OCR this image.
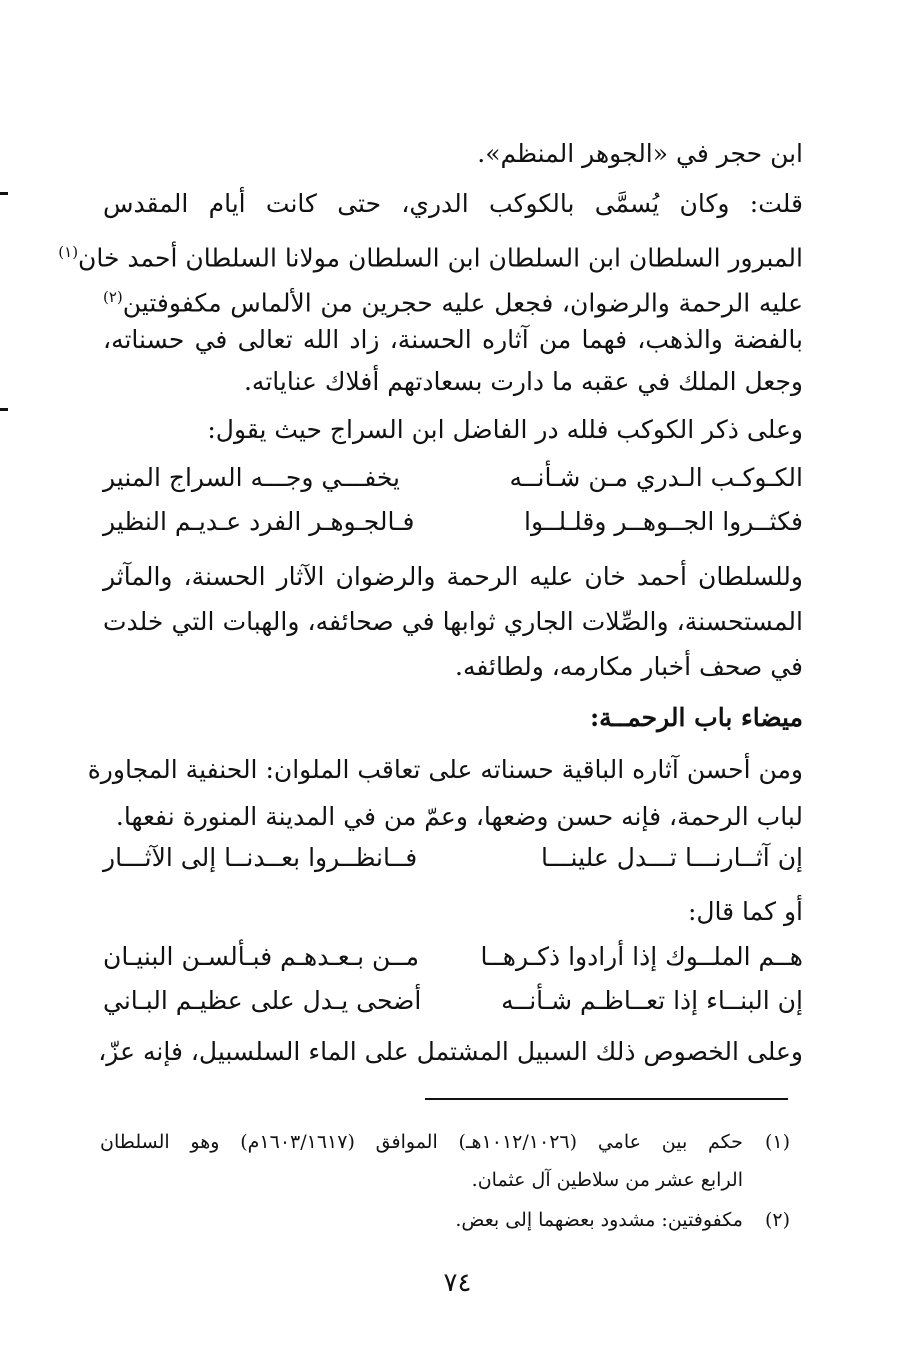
ابن حجر في «الجوهر المنظم».
قلت: وكان يُسمَّى بالكوكب الدري، حتى كانت أيام المقدس
المبرور السلطان ابن السلطان ابن السلطان مولانا السلطان أحمد خان$^{(١)}$
عليه الرحمة والرضوان، فجعل عليه حجرين من الألماس مكفوفتين$^{(٢)}$
بالفضة والذهب، فهما من آثاره الحسنة، زاد الله تعالى في حسناته،
وجعل الملك في عقبه ما دارت بسعادتهم أفلاك عناياته.
وعلى ذكر الكوكب فلله در الفاضل ابن السراج حيث يقول:
الكـوكـب الـدري مـن شـأنــه
يخفـــي وجـــه السراج المنير
فكثــروا الجــوهــر وقلـلــوا
فـالجـوهـر الفرد عـديـم النظير
وللسلطان أحمد خان عليه الرحمة والرضوان الآثار الحسنة، والمآثر
المستحسنة، والصِّلات الجاري ثوابها في صحائفه، والهبات التي خلدت
في صحف أخبار مكارمه، ولطائفه.
ميضاء باب الرحمــة:
ومن أحسن آثاره الباقية حسناته على تعاقب الملوان: الحنفية المجاورة
لباب الرحمة، فإنه حسن وضعها، وعمّ من في المدينة المنورة نفعها.
إن آثــارنـــا تـــدل علينـــا
فــانظــروا بعــدنــا إلى الآثـــار
أو كما قال:
هــم الملــوك إذا أرادوا ذكـرهــا
مــن بـعـدهـم فبـألسـن البنيـان
إن البنــاء إذا تعــاظـم شـأنــه
أضحى يـدل على عظيـم البـاني
وعلى الخصوص ذلك السبيل المشتمل على الماء السلسبيل، فإنه عزّ،
(١)حكم بين عامي (١٠١٢/١٠٢٦هـ) الموافق (١٦٠٣/١٦١٧م) وهو السلطان
الرابع عشر من سلاطين آل عثمان.
(٢)مكفوفتين: مشدود بعضهما إلى بعض.
٧٤
